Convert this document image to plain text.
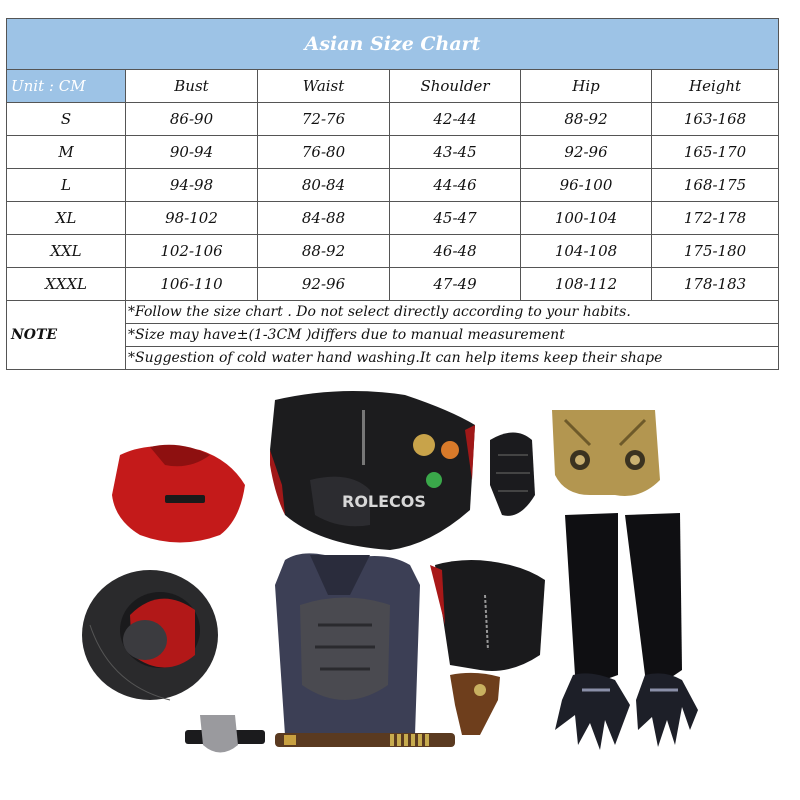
Asian Size Chart					
Unit : CM	Bust	Waist	Shoulder	Hip	Height
S	86-90	72-76	42-44	88-92	163-168
M	90-94	76-80	43-45	92-96	165-170
L	94-98	80-84	44-46	96-100	168-175
XL	98-102	84-88	45-47	100-104	172-178
XXL	102-106	88-92	46-48	104-108	175-180
XXXL	106-110	92-96	47-49	108-112	178-183
NOTE	*Follow the size chart . Do not select directly according to your habits.				
	*Size may have±(1-3CM )differs due to manual measurement				
	*Suggestion of cold water hand washing.It can help items keep their shape				
ROLECOS
